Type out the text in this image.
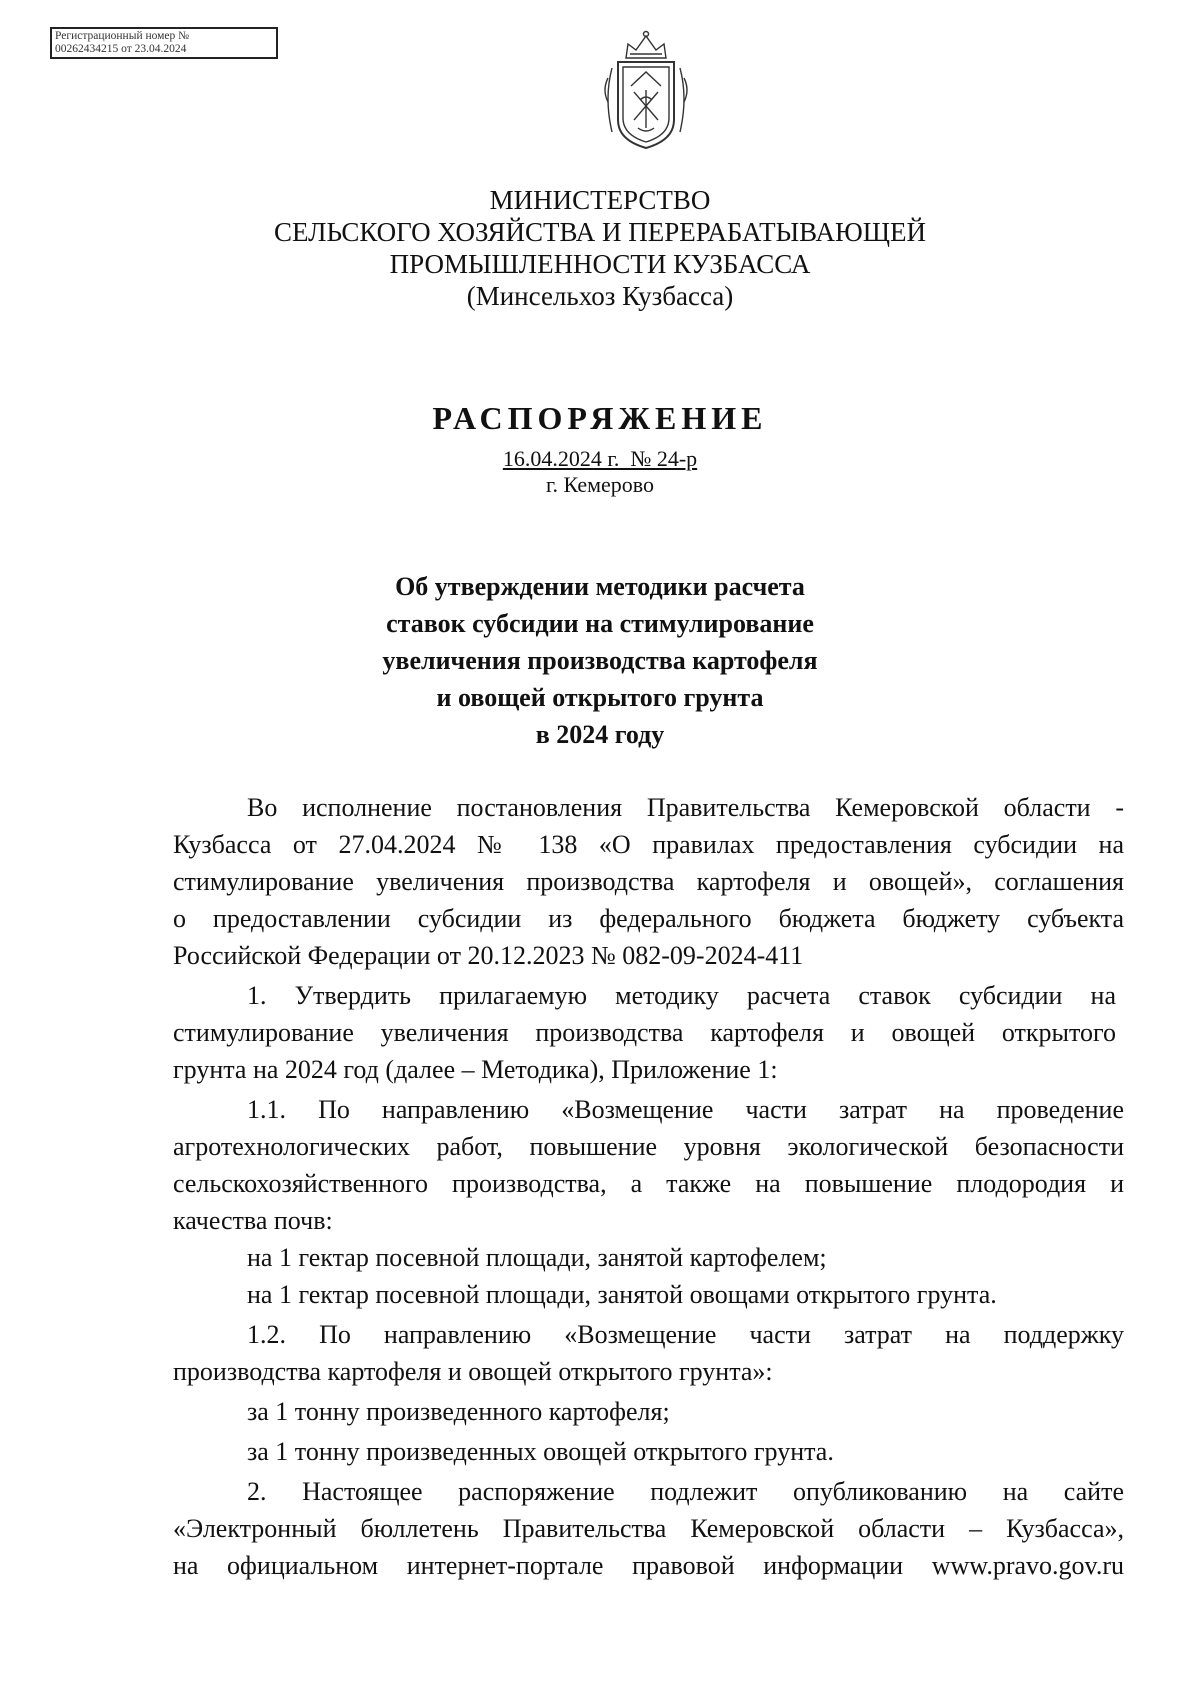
Регистрационный номер №
00262434215 от 23.04.2024
МИНИСТЕРСТВО
СЕЛЬСКОГО ХОЗЯЙСТВА И ПЕРЕРАБАТЫВАЮЩЕЙ
ПРОМЫШЛЕННОСТИ КУЗБАССА
(Минсельхоз Кузбасса)
РАСПОРЯЖЕНИЕ
16.04.2024 г.  № 24-р
г. Кемерово
Об утверждении методики расчета
ставок субсидии на стимулирование
увеличения производства картофеля
и овощей открытого грунта
в 2024 году
Во исполнение постановления Правительства Кемеровской области -
Кузбасса от 27.04.2024 № 138 «О правилах предоставления субсидии на
стимулирование увеличения производства картофеля и овощей», соглашения
о предоставлении субсидии из федерального бюджета бюджету субъекта
Российской Федерации от 20.12.2023 № 082-09-2024-411
1. Утвердить прилагаемую методику расчета ставок субсидии на
стимулирование увеличения производства картофеля и овощей открытого
грунта на 2024 год (далее – Методика), Приложение 1:
1.1. По направлению «Возмещение части затрат на проведение
агротехнологических работ, повышение уровня экологической безопасности
сельскохозяйственного производства, а также на повышение плодородия и
качества почв:
на 1 гектар посевной площади, занятой картофелем;
на 1 гектар посевной площади, занятой овощами открытого грунта.
1.2. По направлению «Возмещение части затрат на поддержку
производства картофеля и овощей открытого грунта»:
за 1 тонну произведенного картофеля;
за 1 тонну произведенных овощей открытого грунта.
2. Настоящее распоряжение подлежит опубликованию на сайте
«Электронный бюллетень Правительства Кемеровской области – Кузбасса»,
на официальном интернет-портале правовой информации www.pravo.gov.ru
